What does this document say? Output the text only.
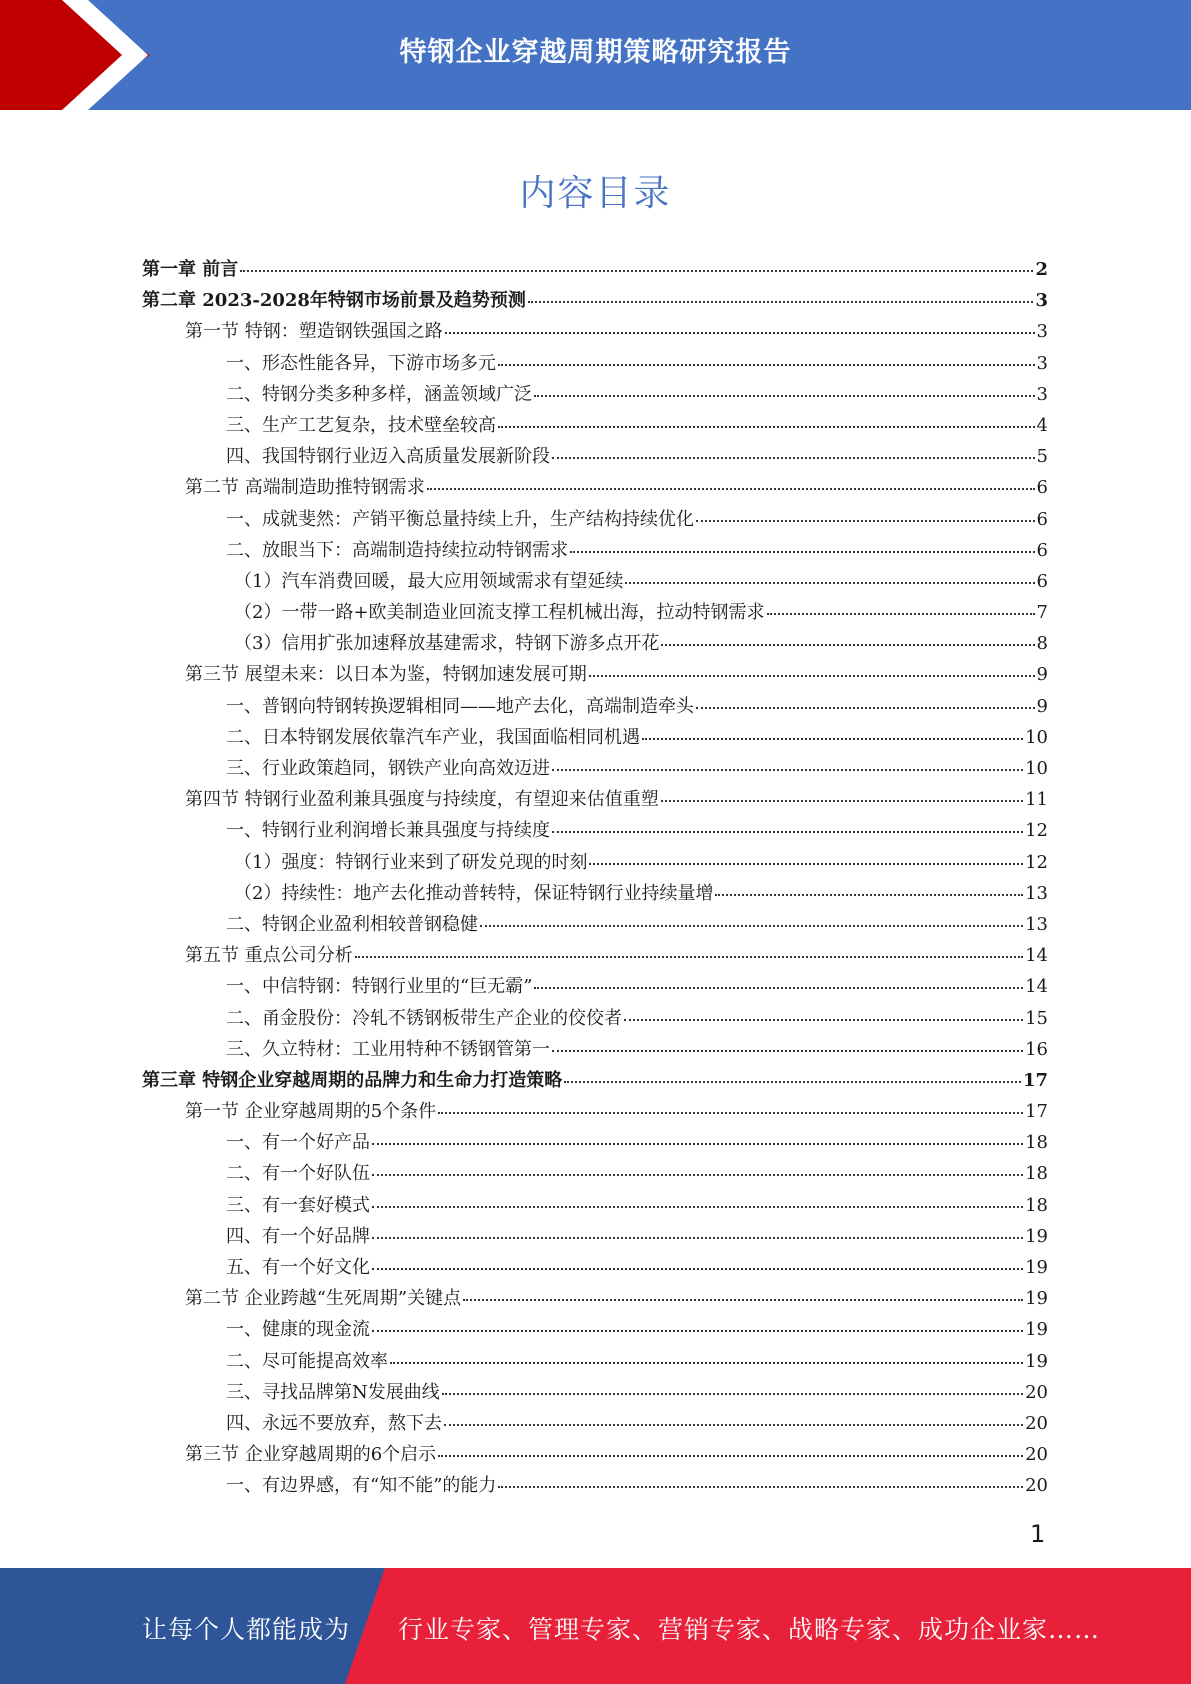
特钢企业穿越周期策略研究报告
内容目录
第一章 前言	2
第二章 2023-2028年特钢市场前景及趋势预测	3
第一节 特钢：塑造钢铁强国之路	3
一、形态性能各异，下游市场多元	3
二、特钢分类多种多样，涵盖领域广泛	3
三、生产工艺复杂，技术壁垒较高	4
四、我国特钢行业迈入高质量发展新阶段	5
第二节 高端制造助推特钢需求	6
一、成就斐然：产销平衡总量持续上升，生产结构持续优化	6
二、放眼当下：高端制造持续拉动特钢需求	6
（1）汽车消费回暖，最大应用领域需求有望延续	6
（2）一带一路+欧美制造业回流支撑工程机械出海，拉动特钢需求	7
（3）信用扩张加速释放基建需求，特钢下游多点开花	8
第三节 展望未来：以日本为鉴，特钢加速发展可期	9
一、普钢向特钢转换逻辑相同——地产去化，高端制造牵头	9
二、日本特钢发展依靠汽车产业，我国面临相同机遇	10
三、行业政策趋同，钢铁产业向高效迈进	10
第四节 特钢行业盈利兼具强度与持续度，有望迎来估值重塑	11
一、特钢行业利润增长兼具强度与持续度	12
（1）强度：特钢行业来到了研发兑现的时刻	12
（2）持续性：地产去化推动普转特，保证特钢行业持续量增	13
二、特钢企业盈利相较普钢稳健	13
第五节 重点公司分析	14
一、中信特钢：特钢行业里的“巨无霸”	14
二、甬金股份：冷轧不锈钢板带生产企业的佼佼者	15
三、久立特材：工业用特种不锈钢管第一	16
第三章 特钢企业穿越周期的品牌力和生命力打造策略	17
第一节 企业穿越周期的5个条件	17
一、有一个好产品	18
二、有一个好队伍	18
三、有一套好模式	18
四、有一个好品牌	19
五、有一个好文化	19
第二节 企业跨越“生死周期”关键点	19
一、健康的现金流	19
二、尽可能提高效率	19
三、寻找品牌第N发展曲线	20
四、永远不要放弃，熬下去	20
第三节 企业穿越周期的6个启示	20
一、有边界感，有“知不能”的能力	20
1
让每个人都能成为 行业专家、管理专家、营销专家、战略专家、成功企业家……
